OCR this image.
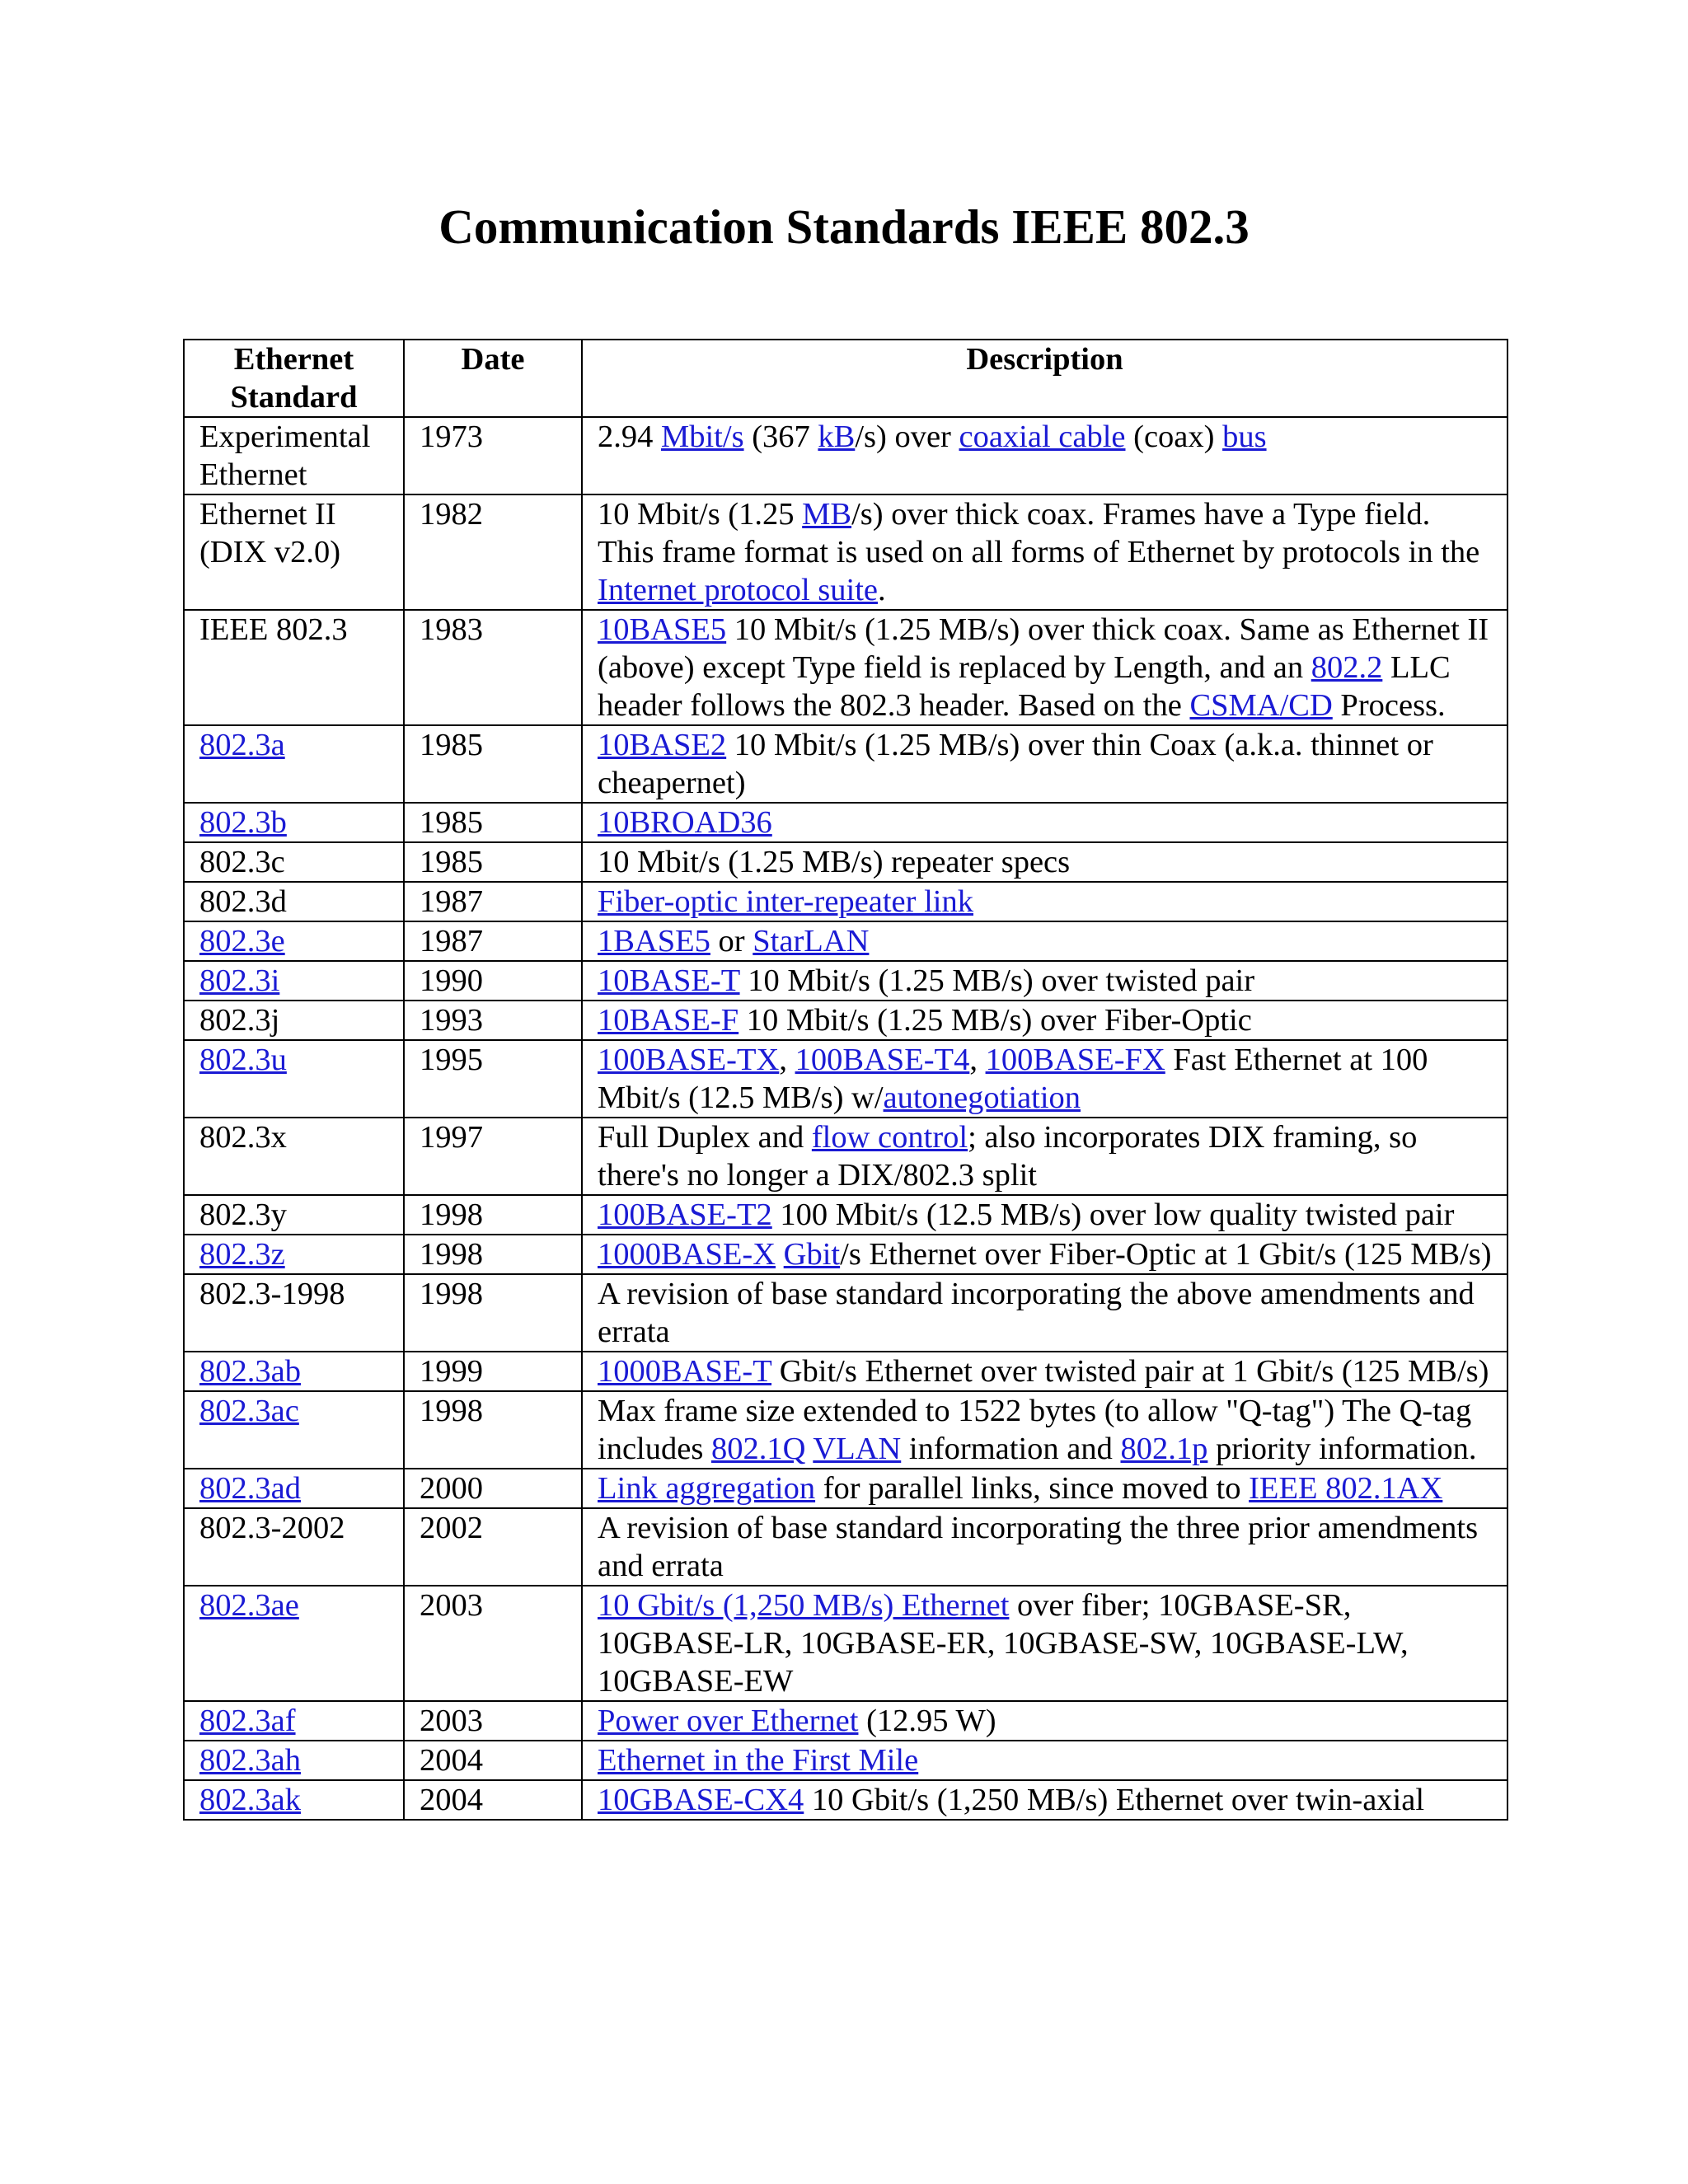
Communication Standards IEEE 802.3
Ethernet Standard	Date	Description
Experimental Ethernet	1973	2.94 Mbit/s (367 kB/s) over coaxial cable (coax) bus
Ethernet II (DIX v2.0)	1982	10 Mbit/s (1.25 MB/s) over thick coax. Frames have a Type field. This frame format is used on all forms of Ethernet by protocols in the Internet protocol suite.
IEEE 802.3	1983	10BASE5 10 Mbit/s (1.25 MB/s) over thick coax. Same as Ethernet II (above) except Type field is replaced by Length, and an 802.2 LLC header follows the 802.3 header. Based on the CSMA/CD Process.
802.3a	1985	10BASE2 10 Mbit/s (1.25 MB/s) over thin Coax (a.k.a. thinnet or cheapernet)
802.3b	1985	10BROAD36
802.3c	1985	10 Mbit/s (1.25 MB/s) repeater specs
802.3d	1987	Fiber-optic inter-repeater link
802.3e	1987	1BASE5 or StarLAN
802.3i	1990	10BASE-T 10 Mbit/s (1.25 MB/s) over twisted pair
802.3j	1993	10BASE-F 10 Mbit/s (1.25 MB/s) over Fiber-Optic
802.3u	1995	100BASE-TX, 100BASE-T4, 100BASE-FX Fast Ethernet at 100 Mbit/s (12.5 MB/s) w/autonegotiation
802.3x	1997	Full Duplex and flow control; also incorporates DIX framing, so there's no longer a DIX/802.3 split
802.3y	1998	100BASE-T2 100 Mbit/s (12.5 MB/s) over low quality twisted pair
802.3z	1998	1000BASE-X Gbit/s Ethernet over Fiber-Optic at 1 Gbit/s (125 MB/s)
802.3-1998	1998	A revision of base standard incorporating the above amendments and errata
802.3ab	1999	1000BASE-T Gbit/s Ethernet over twisted pair at 1 Gbit/s (125 MB/s)
802.3ac	1998	Max frame size extended to 1522 bytes (to allow "Q-tag") The Q-tag includes 802.1Q VLAN information and 802.1p priority information.
802.3ad	2000	Link aggregation for parallel links, since moved to IEEE 802.1AX
802.3-2002	2002	A revision of base standard incorporating the three prior amendments and errata
802.3ae	2003	10 Gbit/s (1,250 MB/s) Ethernet over fiber; 10GBASE-SR, 10GBASE-LR, 10GBASE-ER, 10GBASE-SW, 10GBASE-LW, 10GBASE-EW
802.3af	2003	Power over Ethernet (12.95 W)
802.3ah	2004	Ethernet in the First Mile
802.3ak	2004	10GBASE-CX4 10 Gbit/s (1,250 MB/s) Ethernet over twin-axial
